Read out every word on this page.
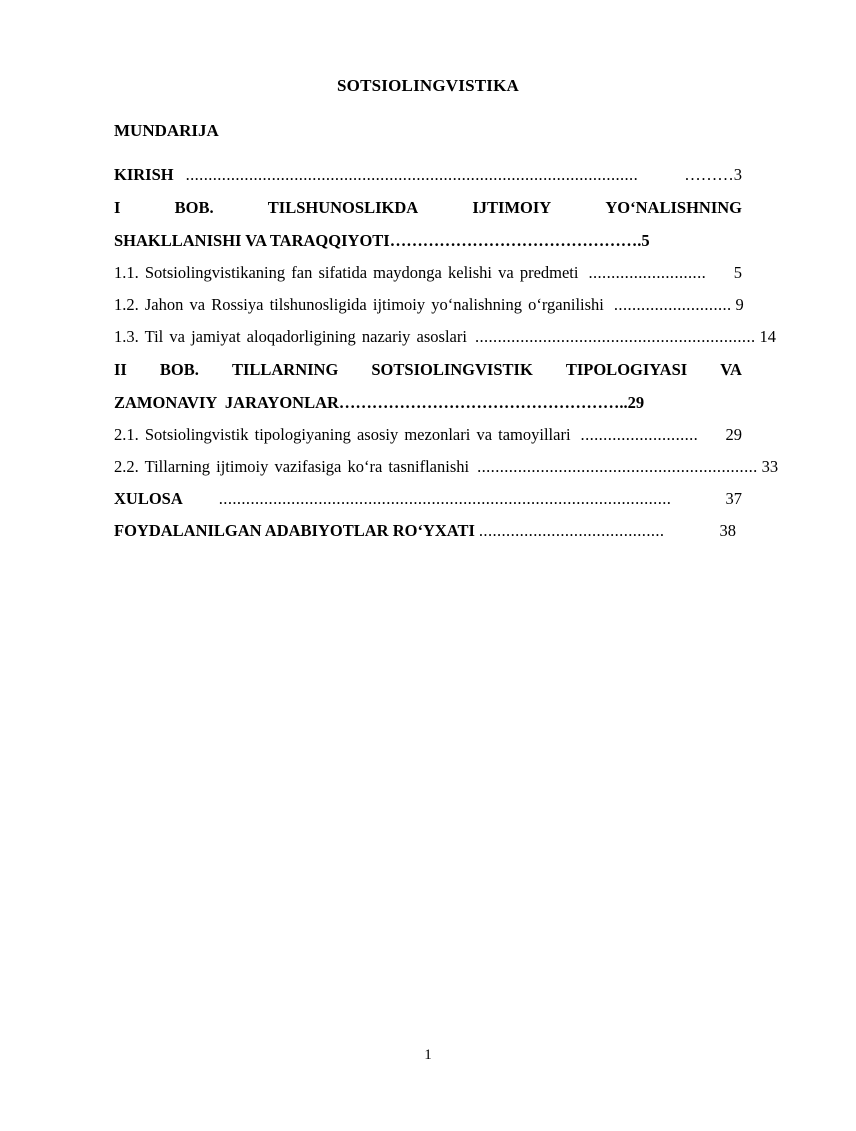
SOTSIOLINGVISTIKA
MUNDARIJA
KIRISH ....................................................................................................	……… 3
I	BOB.	TILSHUNOSLIKDA	IJTIMOIY	YO‘NALISHNING
SHAKLLANISHI VA TARAQQIYOTI……………………………………….5
1.1. Sotsiolingvistikaning fan sifatida maydonga kelishi va predmeti ..........................	5
1.2. Jahon va Rossiya tilshunosligida ijtimoiy yo‘nalishning o‘rganilishi .......................... 9
1.3. Til va jamiyat aloqadorligining nazariy asoslari .............................................................. 14
II BOB. TILLARNING SOTSIOLINGVISTIK TIPOLOGIYASI VA
ZAMONAVIY  JARAYONLAR……………………………………………..29
2.1. Sotsiolingvistik tipologiyaning asosiy mezonlari va tamoyillari ..........................	29
2.2. Tillarning ijtimoiy vazifasiga ko‘ra tasniflanishi .............................................................. 33
XULOSA ....................................................................................................	37
FOYDALANILGAN ADABIYOTLAR RO‘YXATI .........................................	38
1
